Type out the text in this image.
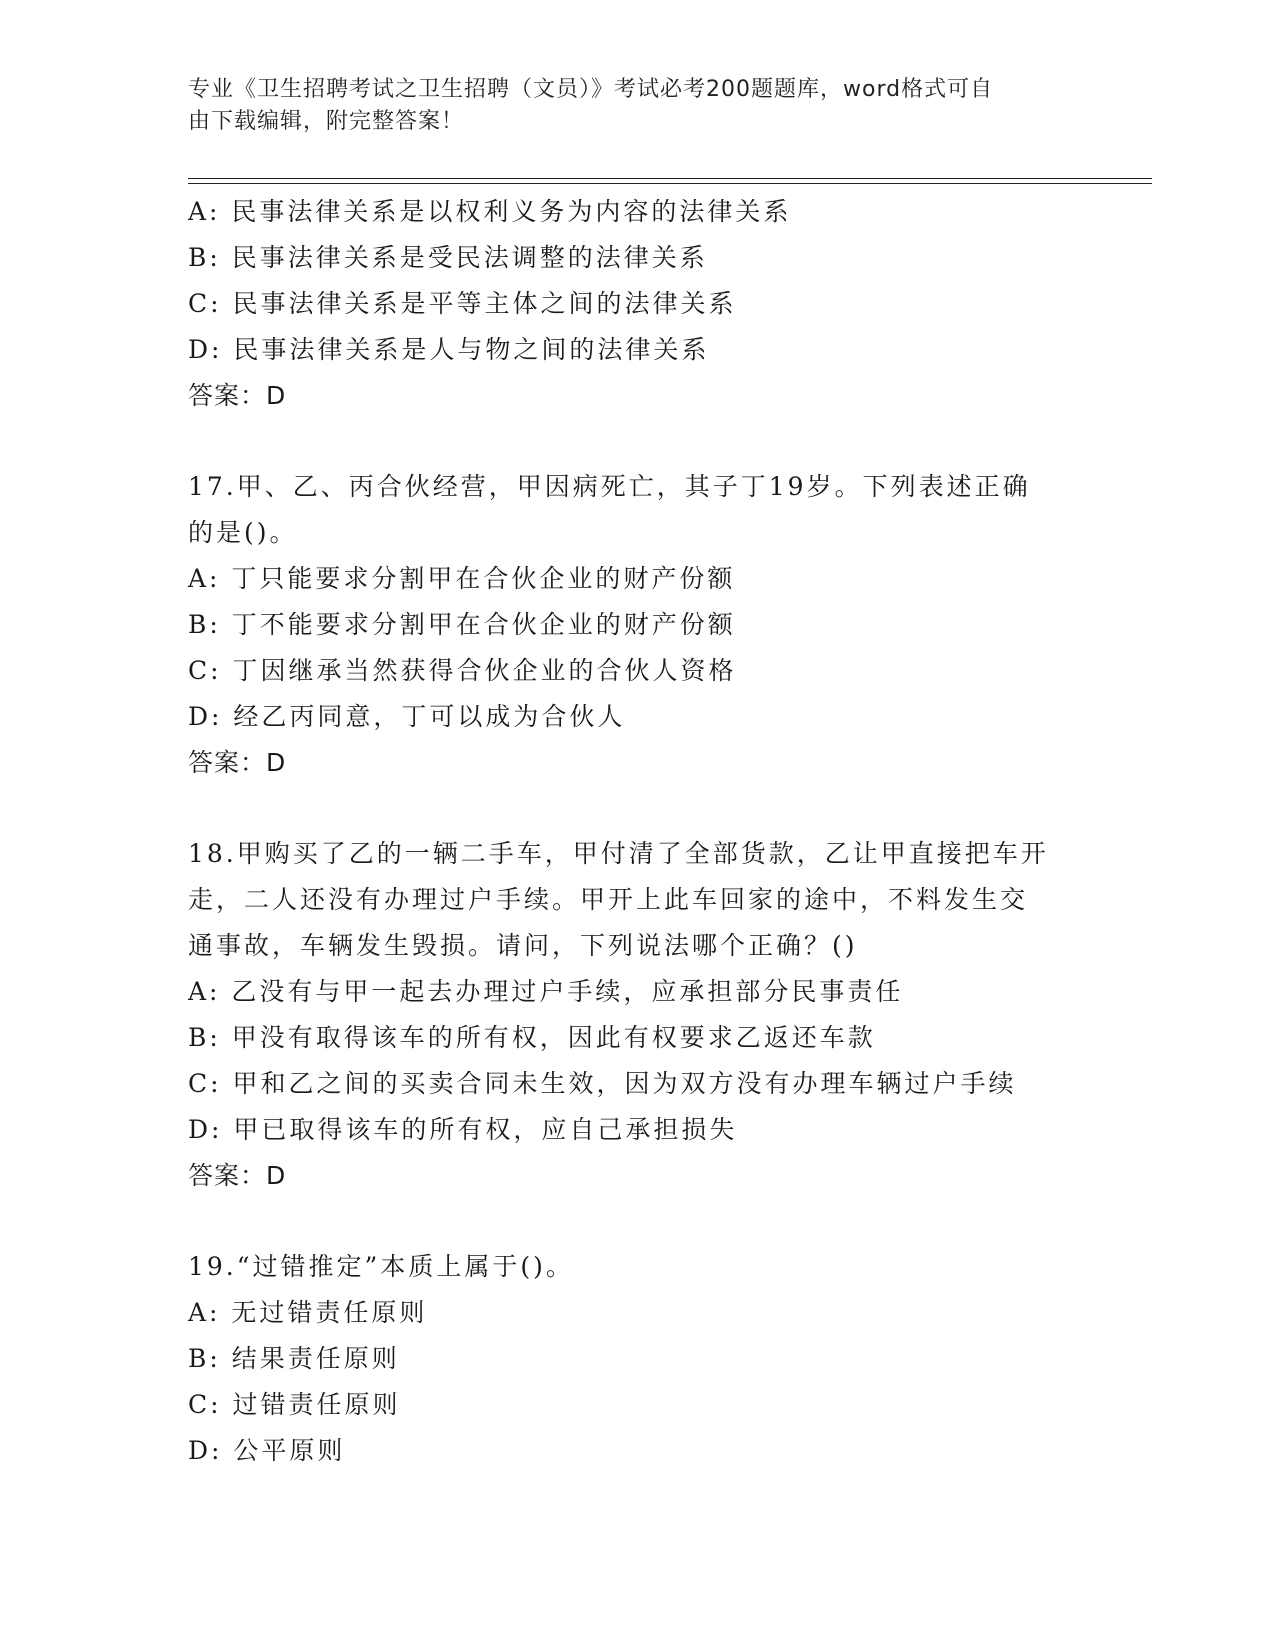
专业《卫生招聘考试之卫生招聘（文员）》考试必考200题题库，word格式可自
由下载编辑，附完整答案！
A: 民事法律关系是以权利义务为内容的法律关系
B: 民事法律关系是受民法调整的法律关系
C: 民事法律关系是平等主体之间的法律关系
D: 民事法律关系是人与物之间的法律关系
答案：D
17.甲、乙、丙合伙经营，甲因病死亡，其子丁19岁。下列表述正确
的是()。
A: 丁只能要求分割甲在合伙企业的财产份额
B: 丁不能要求分割甲在合伙企业的财产份额
C: 丁因继承当然获得合伙企业的合伙人资格
D: 经乙丙同意，丁可以成为合伙人
答案：D
18.甲购买了乙的一辆二手车，甲付清了全部货款，乙让甲直接把车开
走，二人还没有办理过户手续。甲开上此车回家的途中，不料发生交
通事故，车辆发生毁损。请问，下列说法哪个正确？()
A: 乙没有与甲一起去办理过户手续，应承担部分民事责任
B: 甲没有取得该车的所有权，因此有权要求乙返还车款
C: 甲和乙之间的买卖合同未生效，因为双方没有办理车辆过户手续
D: 甲已取得该车的所有权，应自己承担损失
答案：D
19.“过错推定”本质上属于()。
A: 无过错责任原则
B: 结果责任原则
C: 过错责任原则
D: 公平原则
